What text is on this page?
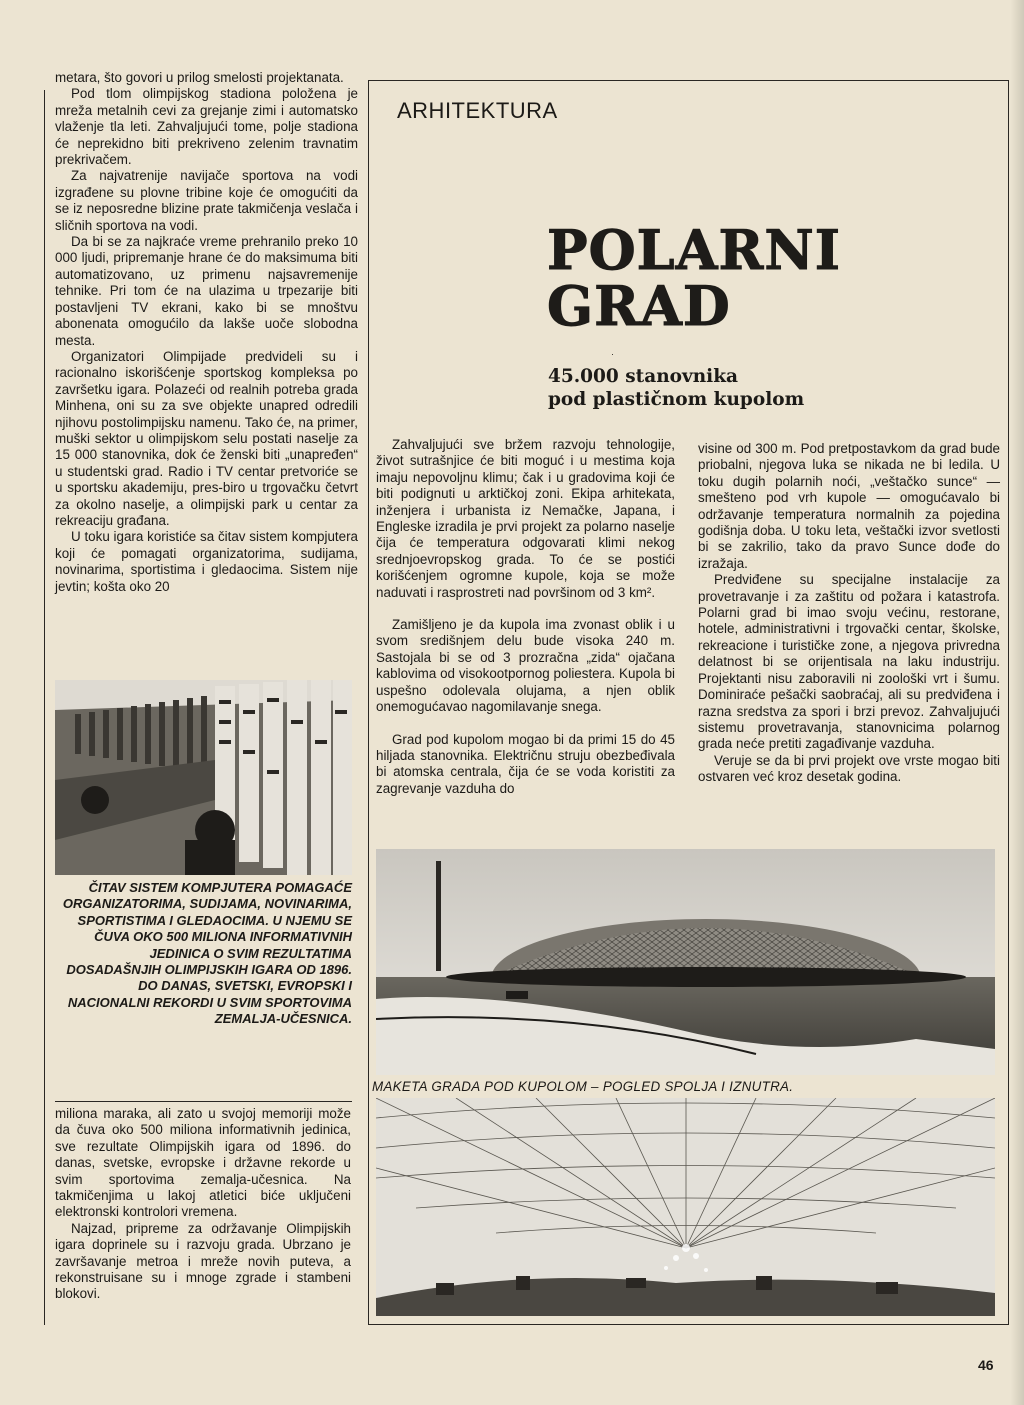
metara, što govori u prilog smelosti projektanata.

Pod tlom olimpijskog stadiona položena je mreža metalnih cevi za grejanje zimi i automatsko vlaženje tla leti. Zahvaljujući tome, polje stadiona će neprekidno biti prekriveno zelenim travnatim prekrivačem.

Za najvatrenije navijače sportova na vodi izgrađene su plovne tribine koje će omogućiti da se iz neposredne blizine prate takmičenja veslača i sličnih sportova na vodi.

Da bi se za najkraće vreme prehranilo preko 10 000 ljudi, pripremanje hrane će do maksimuma biti automatizovano, uz primenu najsavremenije tehnike. Pri tom će na ulazima u trpezarije biti postavljeni TV ekrani, kako bi se mnoštvu abonenata omogućilo da lakše uoče slobodna mesta.

Organizatori Olimpijade predvideli su i racionalno iskorišćenje sportskog kompleksa po završetku igara. Polazeći od realnih potreba grada Minhena, oni su za sve objekte unapred odredili njihovu postolimpijsku namenu. Tako će, na primer, muški sektor u olimpijskom selu postati naselje za 15 000 stanovnika, dok će ženski biti „unapređen“ u studentski grad. Radio i TV centar pretvoriće se u sportsku akademiju, pres-biro u trgovačku četvrt za okolno naselje, a olimpijski park u centar za rekreaciju građana.

U toku igara koristiće sa čitav sistem kompjutera koji će pomagati organizatorima, sudijama, novinarima, sportistima i gledaocima. Sistem nije jevtin; košta oko 20

ČITAV SISTEM KOMPJUTERA POMAGAĆE ORGANIZATORIMA, SUDIJAMA, NOVINARIMA, SPORTISTIMA I GLEDAOCIMA. U NJEMU SE ČUVA OKO 500 MILIONA INFORMATIVNIH JEDINICA O SVIM REZULTATIMA DOSADAŠNJIH OLIMPIJSKIH IGARA OD 1896. DO DANAS, SVETSKI, EVROPSKI I NACIONALNI REKORDI U SVIM SPORTOVIMA ZEMALJA-UČESNICA.

miliona maraka, ali zato u svojoj memoriji može da čuva oko 500 miliona informativnih jedinica, sve rezultate Olimpijskih igara od 1896. do danas, svetske, evropske i državne rekorde u svim sportovima zemalja-učesnica. Na takmičenjima u lakoj atletici biće uključeni elektronski kontrolori vremena.

Najzad, pripreme za održavanje Olimpijskih igara doprinele su i razvoju grada. Ubrzano je završavanje metroa i mreže novih puteva, a rekonstruisane su i mnoge zgrade i stambeni blokovi.

ARHITEKTURA
POLARNI
GRAD
·
45.000 stanovnika
pod plastičnom kupolom

Zahvaljujući sve bržem razvoju tehnologije, život sutrašnjice će biti moguć i u mestima koja imaju nepovoljnu klimu; čak i u gradovima koji će biti podignuti u arktičkoj zoni. Ekipa arhitekata, inženjera i urbanista iz Nemačke, Japana, i Engleske izradila je prvi projekt za polarno naselje čija će temperatura odgovarati klimi nekog srednjoevropskog grada. To će se postići korišćenjem ogromne kupole, koja se može naduvati i rasprostreti nad površinom od 3 km².

Zamišljeno je da kupola ima zvonast oblik i u svom središnjem delu bude visoka 240 m. Sastojala bi se od 3 prozračna „zida“ ojačana kablovima od visokootpornog poliestera. Kupola bi uspešno odolevala olujama, a njen oblik onemogućavao nagomilavanje snega.

Grad pod kupolom mogao bi da primi 15 do 45 hiljada stanovnika. Električnu struju obezbeđivala bi atomska centrala, čija će se voda koristiti za zagrevanje vazduha do

visine od 300 m. Pod pretpostavkom da grad bude priobalni, njegova luka se nikada ne bi ledila. U toku dugih polarnih noći, „veštačko sunce“ — smešteno pod vrh kupole — omogućavalo bi održavanje temperatura normalnih za pojedina godišnja doba. U toku leta, veštački izvor svetlosti bi se zakrilio, tako da pravo Sunce dođe do izražaja.

Predviđene su specijalne instalacije za provetravanje i za zaštitu od požara i katastrofa. Polarni grad bi imao svoju većinu, restorane, hotele, administrativni i trgovački centar, školske, rekreacione i turističke zone, a njegova privredna delatnost bi se orijentisala na laku industriju. Projektanti nisu zaboravili ni zoološki vrt i šumu. Dominiraće pešački saobraćaj, ali su predviđena i razna sredstva za spori i brzi prevoz. Zahvaljujući sistemu provetravanja, stanovnicima polarnog grada neće pretiti zagađivanje vazduha.

Veruje se da bi prvi projekt ove vrste mogao biti ostvaren već kroz desetak godina.

MAKETA GRADA POD KUPOLOM – POGLED SPOLJA I IZNUTRA.

46
